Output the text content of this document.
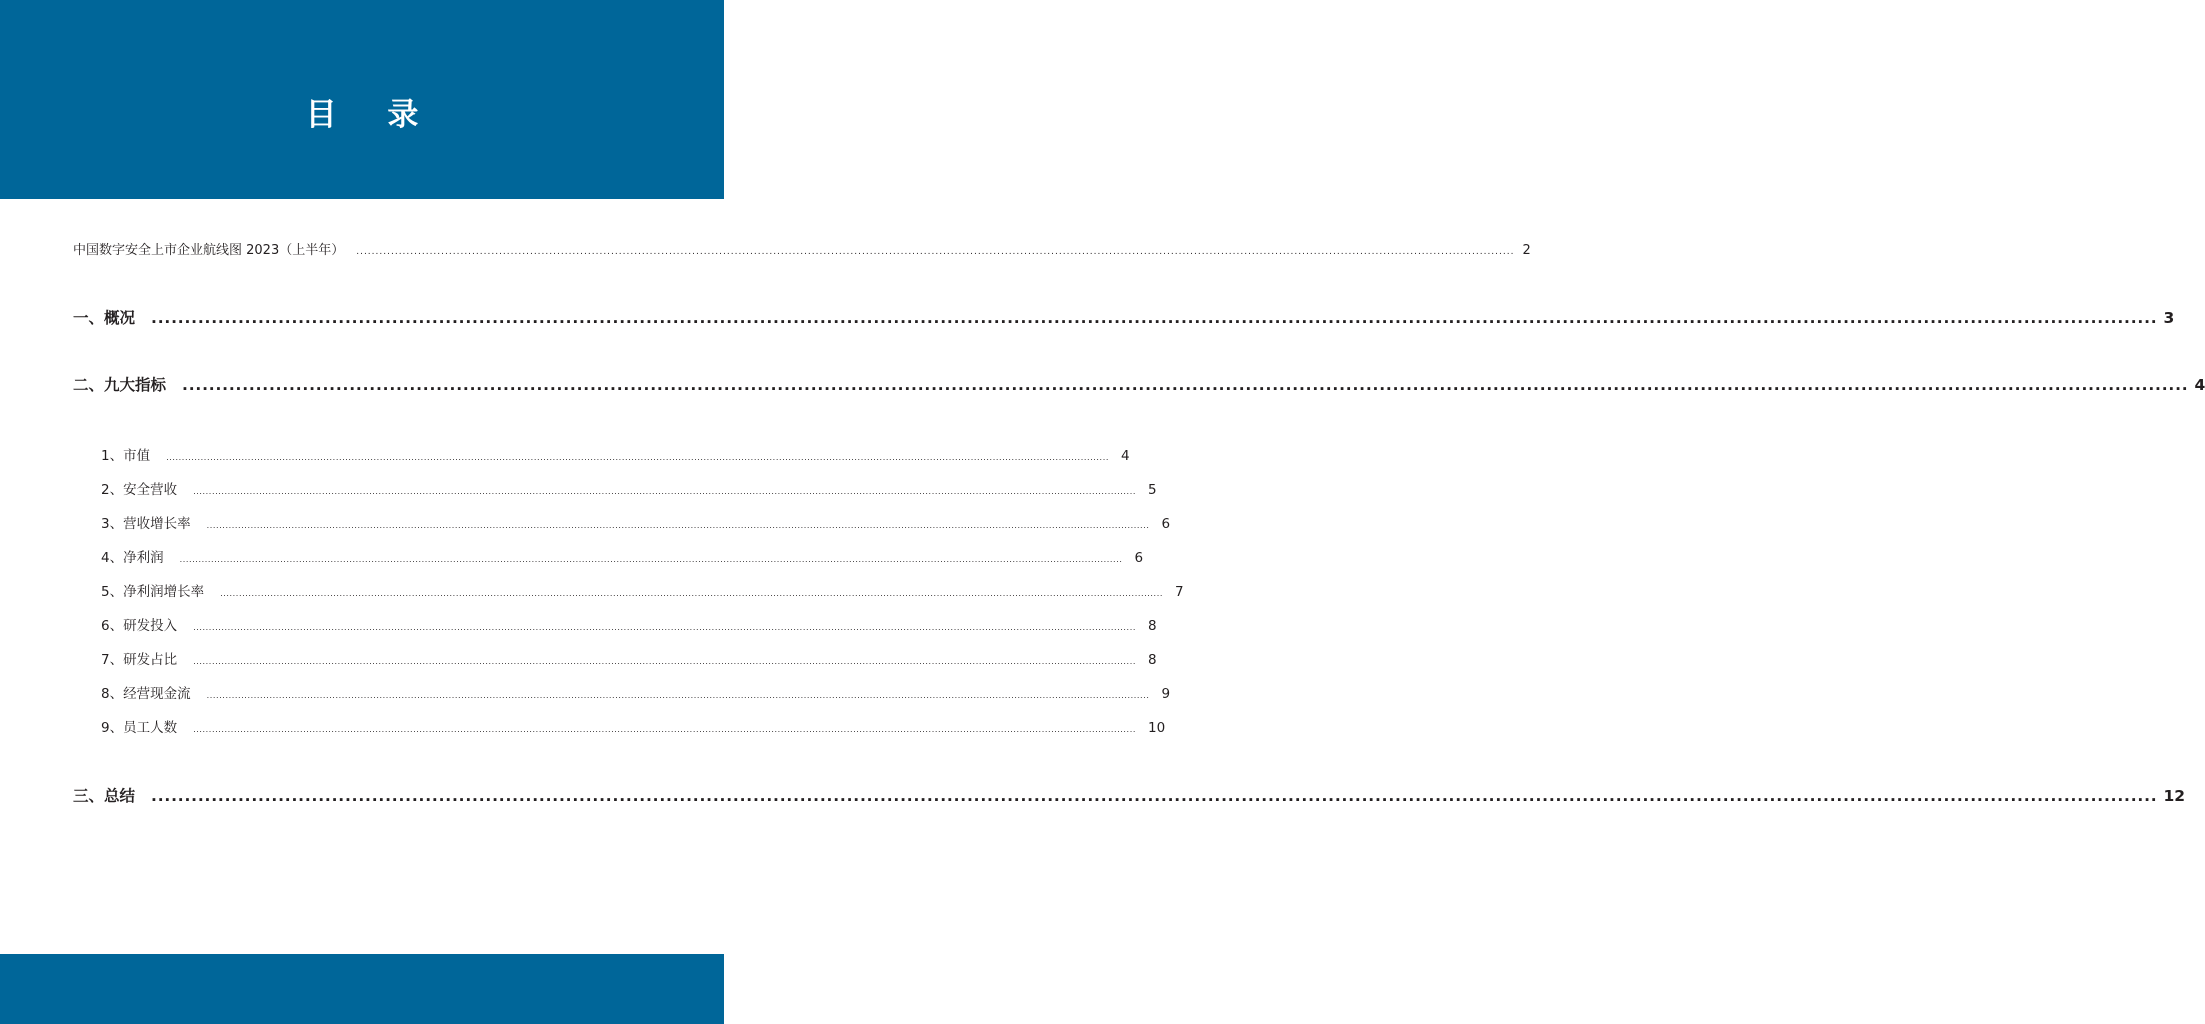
目 录
中国数字安全上市企业航线图 2023（上半年） ............................................................................................................................................................................................................................................................................................................ 2
一、概况 ............................................................................................................................................................................................................................................................................................................ 3
二、九大指标 ............................................................................................................................................................................................................................................................................................................ 4
1、市值 ............................................................................................................................................................................................................................................................................................................ 4
2、安全营收 ............................................................................................................................................................................................................................................................................................................ 5
3、营收增长率 ............................................................................................................................................................................................................................................................................................................ 6
4、净利润 ............................................................................................................................................................................................................................................................................................................ 6
5、净利润增长率 ............................................................................................................................................................................................................................................................................................................ 7
6、研发投入 ............................................................................................................................................................................................................................................................................................................ 8
7、研发占比 ............................................................................................................................................................................................................................................................................................................ 8
8、经营现金流 ............................................................................................................................................................................................................................................................................................................ 9
9、员工人数 ............................................................................................................................................................................................................................................................................................................ 10
三、总结 ............................................................................................................................................................................................................................................................................................................ 12
